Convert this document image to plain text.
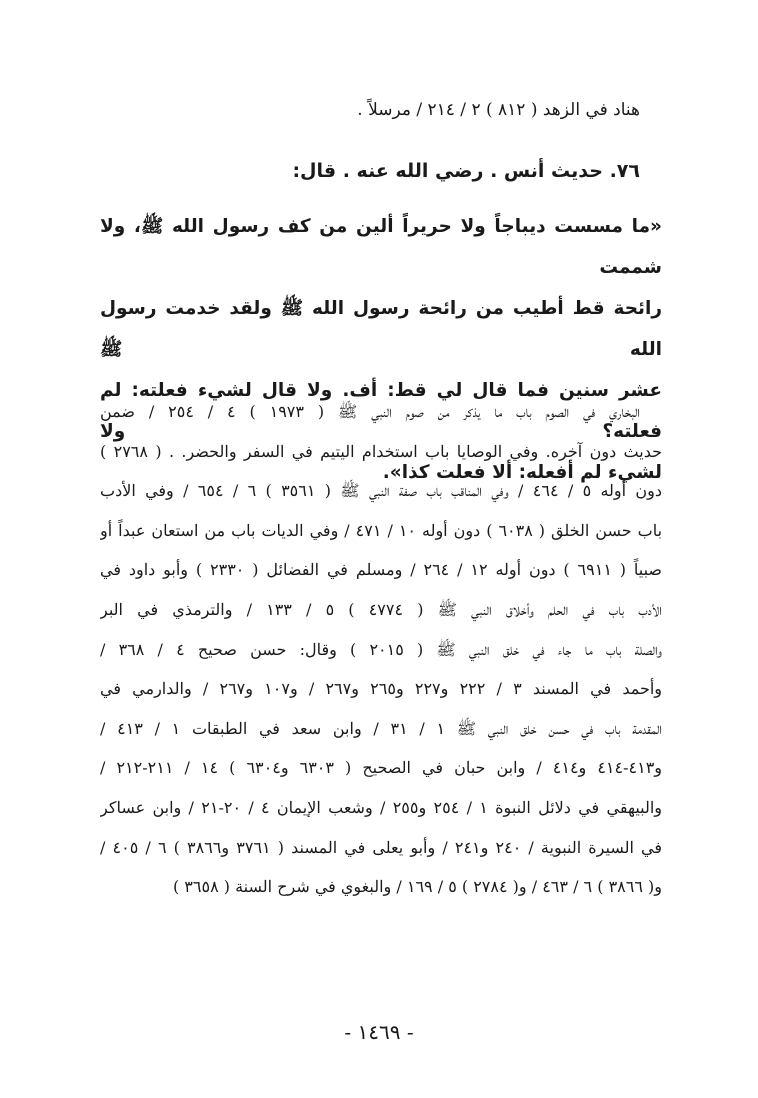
هناد في الزهد ( ٨١٢ ) ٢ / ٢١٤ / مرسلاً .
٧٦. حديث أنس . رضي الله عنه . قال:
«ما مسست ديباجاً ولا حريراً ألين من كف رسول الله ﷺ، ولا شممت
رائحة قط أطيب من رائحة رسول الله ﷺ ولقد خدمت رسول الله ﷺ
عشر سنين فما قال لي قط: أف. ولا قال لشيء فعلته: لم فعلته؟ ولا
لشيء لم أفعله: ألا فعلت كذا».
البخاري في الصوم باب ما يذكر من صوم النبي ﷺ ( ١٩٧٣ ) ٤ / ٢٥٤ / ضمن
حديث دون آخره. وفي الوصايا باب استخدام اليتيم في السفر والحضر. . ( ٢٧٦٨ )
دون أوله ٥ / ٤٦٤ / وفي المناقب باب صفة النبي ﷺ ( ٣٥٦١ ) ٦ / ٦٥٤ / وفي الأدب
باب حسن الخلق ( ٦٠٣٨ ) دون أوله ١٠ / ٤٧١ / وفي الديات باب من استعان عبداً أو
صبياً ( ٦٩١١ ) دون أوله ١٢ / ٢٦٤ / ومسلم في الفضائل ( ٢٣٣٠ ) وأبو داود في
الأدب باب في الحلم وأخلاق النبي ﷺ ( ٤٧٧٤ ) ٥ / ١٣٣ / والترمذي في البر
والصلة باب ما جاء في خلق النبي ﷺ ( ٢٠١٥ ) وقال: حسن صحيح ٤ / ٣٦٨ /
وأحمد في المسند ٣ / ٢٢٢ و٢٢٧ و٢٦٥ و٢٦٧ / و١٠٧ و٢٦٧ / والدارمي في
المقدمة باب في حسن خلق النبي ﷺ ١ / ٣١ / وابن سعد في الطبقات ١ / ٤١٣ /
و٤١٣-٤١٤ و٤١٤ / وابن حبان في الصحيح ( ٦٣٠٣ و٦٣٠٤ ) ١٤ / ٢١١-٢١٢ /
والبيهقي في دلائل النبوة ١ / ٢٥٤ و٢٥٥ / وشعب الإيمان ٤ / ٢٠-٢١ / وابن عساكر
في السيرة النبوية / ٢٤٠ و٢٤١ / وأبو يعلى في المسند ( ٣٧٦١ و٣٨٦٦ ) ٦ / ٤٠٥ /
و( ٣٨٦٦ ) ٦ / ٤٦٣ / و( ٢٧٨٤ ) ٥ / ١٦٩ / والبغوي في شرح السنة ( ٣٦٥٨ )
- ١٤٦٩ -
